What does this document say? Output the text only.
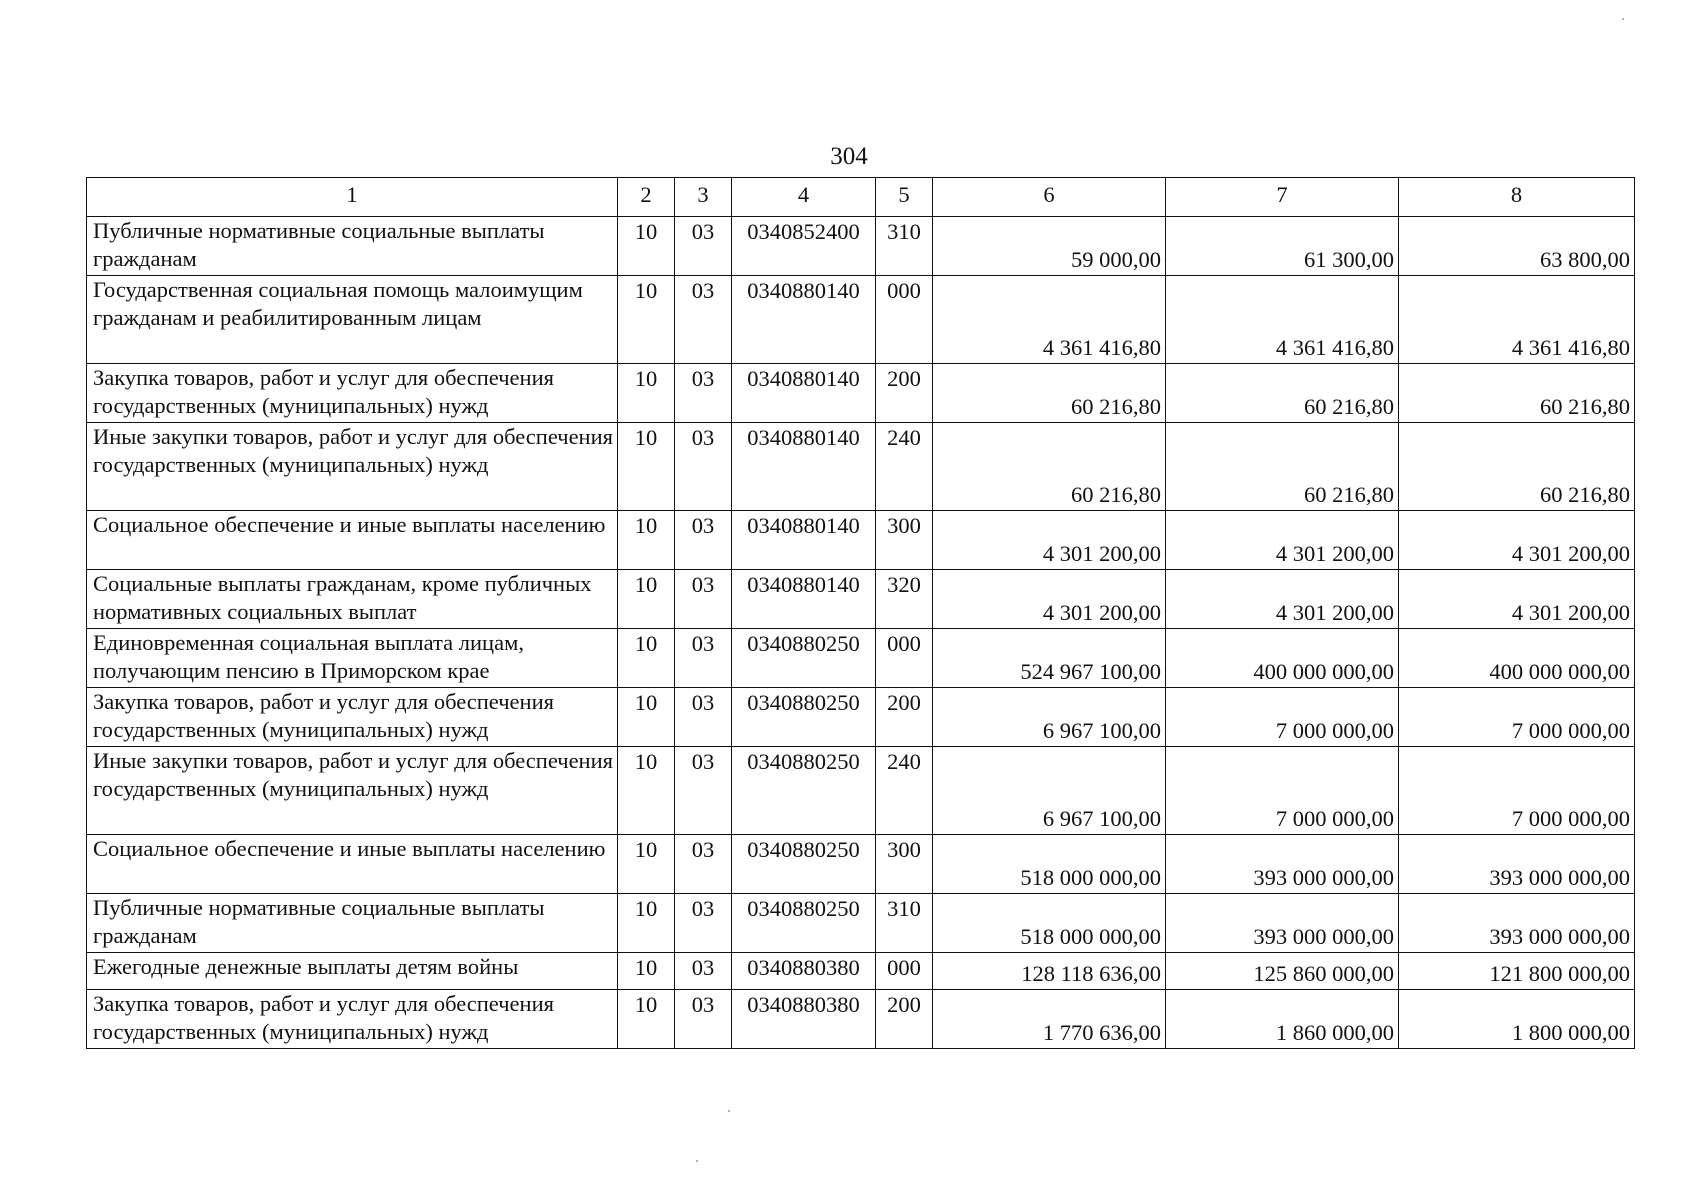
304
1	2	3	4	5	6	7	8
Публичные нормативные социальные выплаты гражданам	10	03	0340852400	310	59 000,00	61 300,00	63 800,00
Государственная социальная помощь малоимущим гражданам и реабилитированным лицам	10	03	0340880140	000	4 361 416,80	4 361 416,80	4 361 416,80
Закупка товаров, работ и услуг для обеспечения государственных (муниципальных) нужд	10	03	0340880140	200	60 216,80	60 216,80	60 216,80
Иные закупки товаров, работ и услуг для обеспечения государственных (муниципальных) нужд	10	03	0340880140	240	60 216,80	60 216,80	60 216,80
Социальное обеспечение и иные выплаты населению	10	03	0340880140	300	4 301 200,00	4 301 200,00	4 301 200,00
Социальные выплаты гражданам, кроме публичных нормативных социальных выплат	10	03	0340880140	320	4 301 200,00	4 301 200,00	4 301 200,00
Единовременная социальная выплата лицам, получающим пенсию в Приморском крае	10	03	0340880250	000	524 967 100,00	400 000 000,00	400 000 000,00
Закупка товаров, работ и услуг для обеспечения государственных (муниципальных) нужд	10	03	0340880250	200	6 967 100,00	7 000 000,00	7 000 000,00
Иные закупки товаров, работ и услуг для обеспечения государственных (муниципальных) нужд	10	03	0340880250	240	6 967 100,00	7 000 000,00	7 000 000,00
Социальное обеспечение и иные выплаты населению	10	03	0340880250	300	518 000 000,00	393 000 000,00	393 000 000,00
Публичные нормативные социальные выплаты гражданам	10	03	0340880250	310	518 000 000,00	393 000 000,00	393 000 000,00
Ежегодные денежные выплаты детям войны	10	03	0340880380	000	128 118 636,00	125 860 000,00	121 800 000,00
Закупка товаров, работ и услуг для обеспечения государственных (муниципальных) нужд	10	03	0340880380	200	1 770 636,00	1 860 000,00	1 800 000,00
